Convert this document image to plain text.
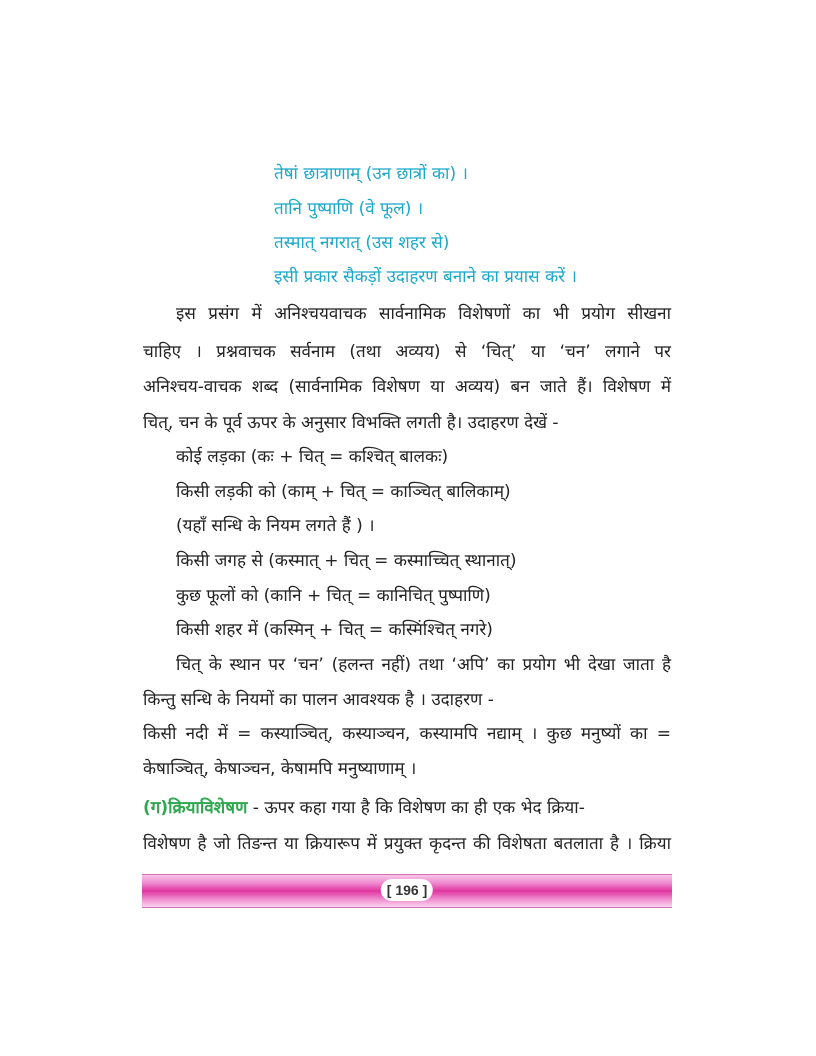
तेषां छात्राणाम् (उन छात्रों का) ।
तानि पुष्पाणि (वे फूल) ।
तस्मात् नगरात् (उस शहर से)
इसी प्रकार सैकड़ों उदाहरण बनाने का प्रयास करें ।
इस प्रसंग में अनिश्चयवाचक सार्वनामिक विशेषणों का भी प्रयोग सीखना
चाहिए । प्रश्नवाचक सर्वनाम (तथा अव्यय) से ‘चित्’ या ‘चन’ लगाने पर
अनिश्चय-वाचक शब्द (सार्वनामिक विशेषण या अव्यय) बन जाते हैं। विशेषण में
चित्, चन के पूर्व ऊपर के अनुसार विभक्ति लगती है। उदाहरण देखें -
कोई लड़का (कः + चित् = कश्चित् बालकः)
किसी लड़की को (काम् + चित् = काञ्चित् बालिकाम्)
(यहाँ सन्धि के नियम लगते हैं ) ।
किसी जगह से (कस्मात् + चित् = कस्माच्चित् स्थानात्)
कुछ फूलों को (कानि + चित् = कानिचित् पुष्पाणि)
किसी शहर में (कस्मिन् + चित् = कस्मिंश्चित् नगरे)
चित् के स्थान पर ‘चन’ (हलन्त नहीं) तथा ‘अपि’ का प्रयोग भी देखा जाता है
किन्तु सन्धि के नियमों का पालन आवश्यक है । उदाहरण -
किसी नदी में = कस्याञ्चित्, कस्याञ्चन, कस्यामपि नद्याम् । कुछ मनुष्यों का =
केषाञ्चित्, केषाञ्चन, केषामपि मनुष्याणाम् ।
(ग)क्रियाविशेषण - ऊपर कहा गया है कि विशेषण का ही एक भेद क्रिया-
विशेषण है जो तिङन्त या क्रियारूप में प्रयुक्त कृदन्त की विशेषता बतलाता है । क्रिया
[ 196 ]
